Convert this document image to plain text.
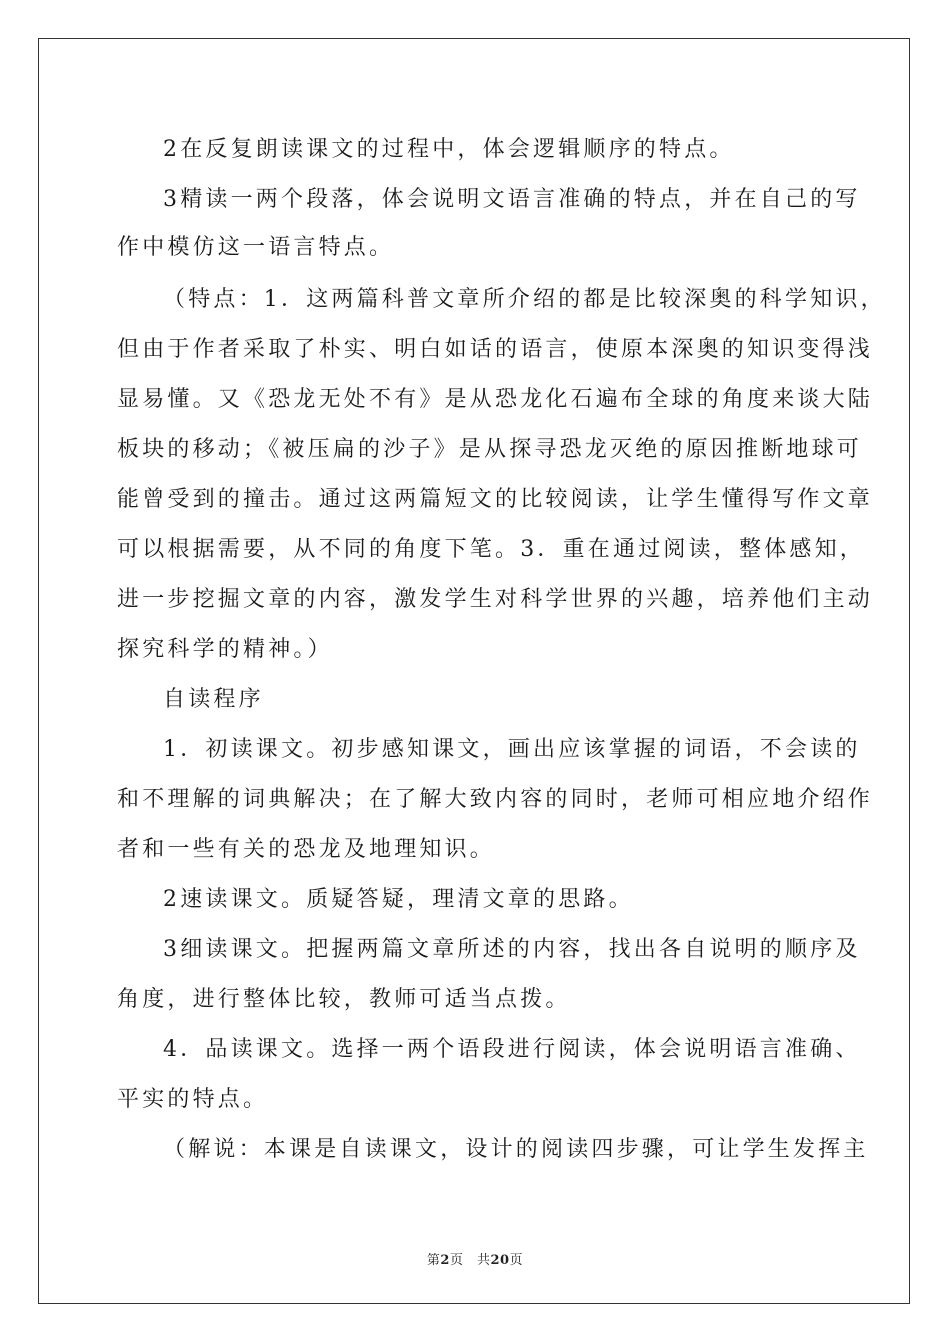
2在反复朗读课文的过程中，体会逻辑顺序的特点。
3精读一两个段落，体会说明文语言准确的特点，并在自己的写
作中模仿这一语言特点。
（特点：1．这两篇科普文章所介绍的都是比较深奥的科学知识，
但由于作者采取了朴实、明白如话的语言，使原本深奥的知识变得浅
显易懂。又《恐龙无处不有》是从恐龙化石遍布全球的角度来谈大陆
板块的移动；《被压扁的沙子》是从探寻恐龙灭绝的原因推断地球可
能曾受到的撞击。通过这两篇短文的比较阅读，让学生懂得写作文章
可以根据需要，从不同的角度下笔。3．重在通过阅读，整体感知，
进一步挖掘文章的内容，激发学生对科学世界的兴趣，培养他们主动
探究科学的精神。）
自读程序
1．初读课文。初步感知课文，画出应该掌握的词语，不会读的
和不理解的词典解决；在了解大致内容的同时，老师可相应地介绍作
者和一些有关的恐龙及地理知识。
2速读课文。质疑答疑，理清文章的思路。
3细读课文。把握两篇文章所述的内容，找出各自说明的顺序及
角度，进行整体比较，教师可适当点拨。
4．品读课文。选择一两个语段进行阅读，体会说明语言准确、
平实的特点。
（解说：本课是自读课文，设计的阅读四步骤，可让学生发挥主
第2页　共20页
